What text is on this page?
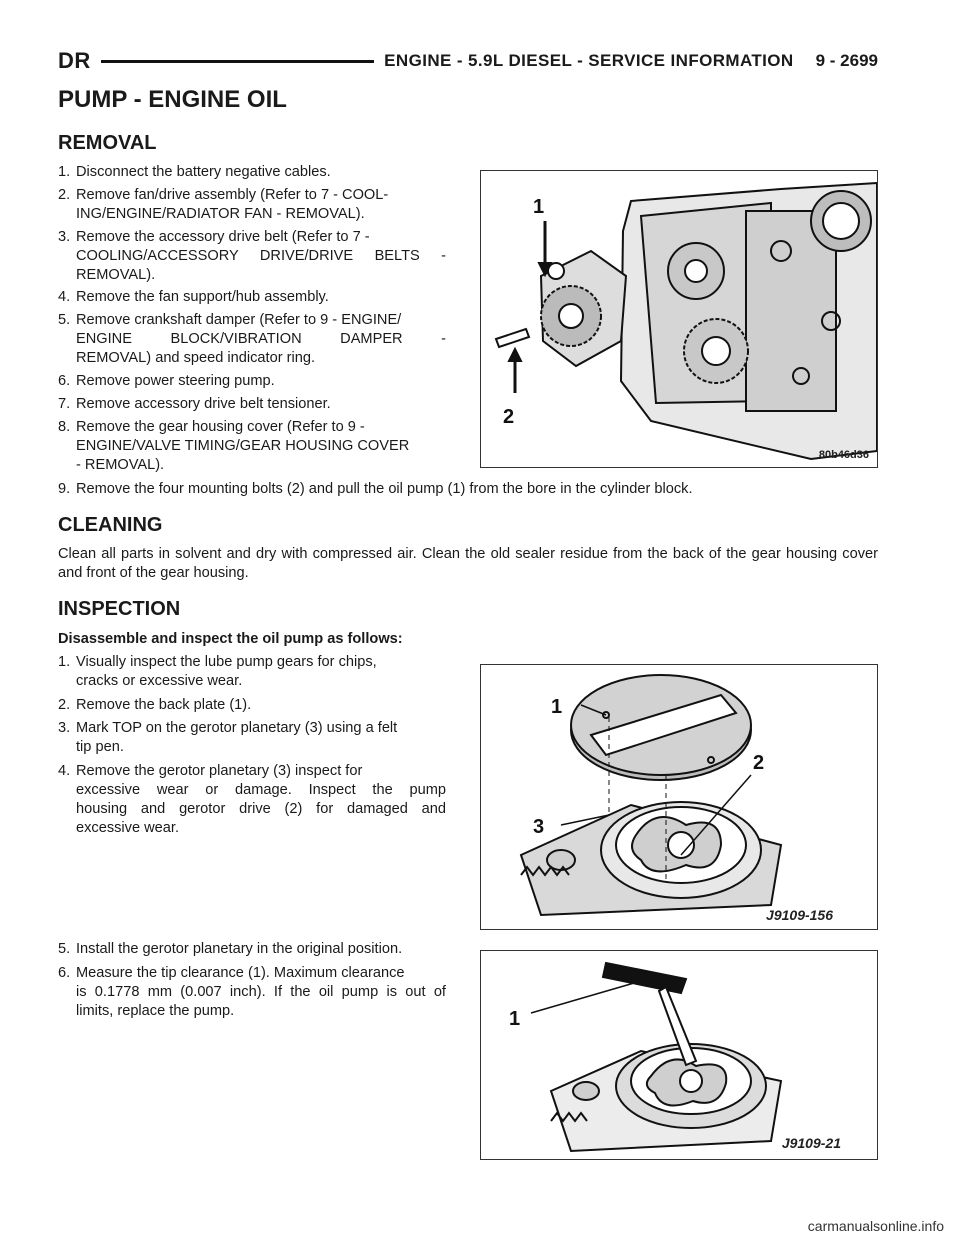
DR	ENGINE - 5.9L DIESEL - SERVICE INFORMATION 9 - 2699
PUMP - ENGINE OIL
REMOVAL
1. Disconnect the battery negative cables.
2. Remove fan/drive assembly (Refer to 7 - COOL-
ING/ENGINE/RADIATOR FAN - REMOVAL).
3. Remove the accessory drive belt (Refer to 7 -
COOLING/ACCESSORY DRIVE/DRIVE BELTS -
REMOVAL).
4. Remove the fan support/hub assembly.
5. Remove crankshaft damper (Refer to 9 - ENGINE/
ENGINE BLOCK/VIBRATION DAMPER -
REMOVAL) and speed indicator ring.
6. Remove power steering pump.
7. Remove accessory drive belt tensioner.
8. Remove the gear housing cover (Refer to 9 -
ENGINE/VALVE TIMING/GEAR HOUSING COVER
- REMOVAL).
9. Remove the four mounting bolts (2) and pull the oil pump (1) from the bore in the cylinder block.
1
2
80b46d36
CLEANING
Clean all parts in solvent and dry with compressed air. Clean the old sealer residue from the back of the gear housing cover and front of the gear housing.
INSPECTION
Disassemble and inspect the oil pump as follows:
1. Visually inspect the lube pump gears for chips,
cracks or excessive wear.
2. Remove the back plate (1).
3. Mark TOP on the gerotor planetary (3) using a felt
tip pen.
4. Remove the gerotor planetary (3) inspect for
excessive wear or damage. Inspect the pump
housing and gerotor drive (2) for damaged and
excessive wear.
5. Install the gerotor planetary in the original position.
6. Measure the tip clearance (1). Maximum clearance
is 0.1778 mm (0.007 inch). If the oil pump is out of
limits, replace the pump.
1
2
3
J9109-156
1
J9109-21
carmanualsonline.info
